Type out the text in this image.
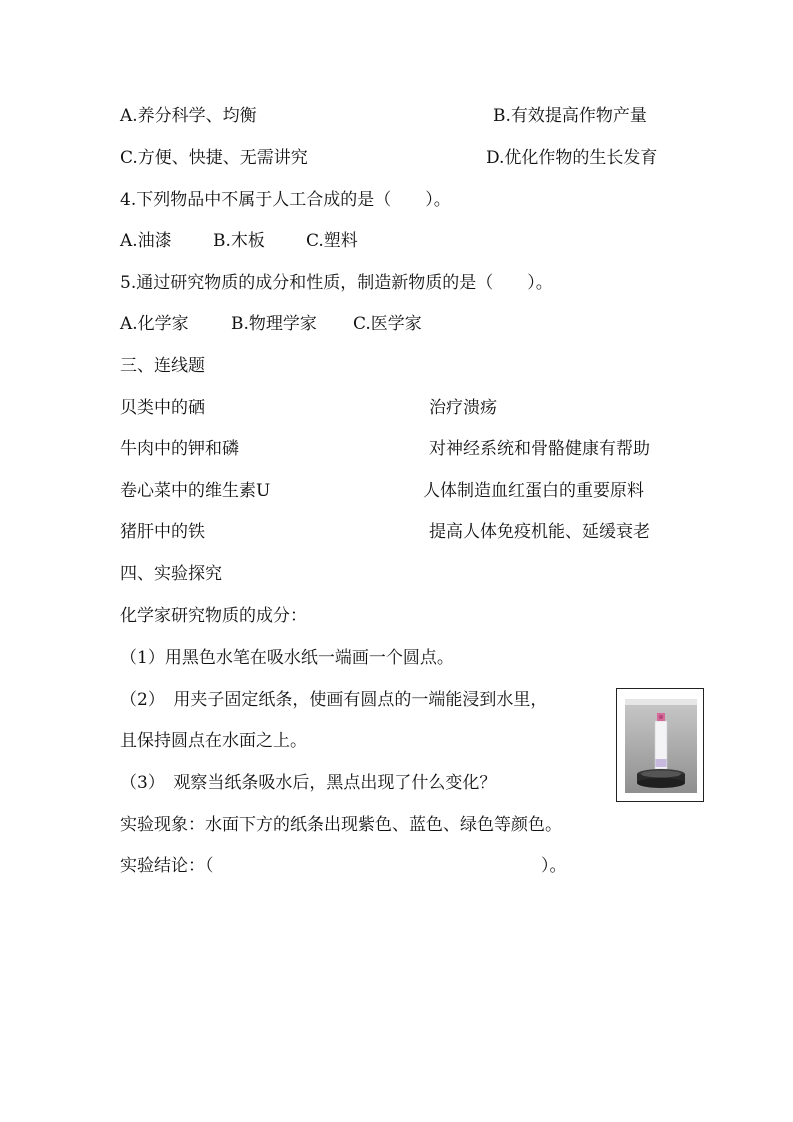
A.养分科学、均衡	B.有效提高作物产量
C.方便、快捷、无需讲究	D.优化作物的生长发育
4.下列物品中不属于人工合成的是（　　）。
A.油漆 B.木板 C.塑料
5.通过研究物质的成分和性质，制造新物质的是（　　）。
A.化学家 B.物理学家 C.医学家
三、连线题
贝类中的硒	治疗溃疡
牛肉中的钾和磷	对神经系统和骨骼健康有帮助
卷心菜中的维生素U	人体制造血红蛋白的重要原料
猪肝中的铁	提高人体免疫机能、延缓衰老
四、实验探究
化学家研究物质的成分：
（1）用黑色水笔在吸水纸一端画一个圆点。
（2）　用夹子固定纸条，使画有圆点的一端能浸到水里，
且保持圆点在水面之上。
（3）　观察当纸条吸水后，黑点出现了什么变化？
实验现象：水面下方的纸条出现紫色、蓝色、绿色等颜色。
实验结论：（	）。
